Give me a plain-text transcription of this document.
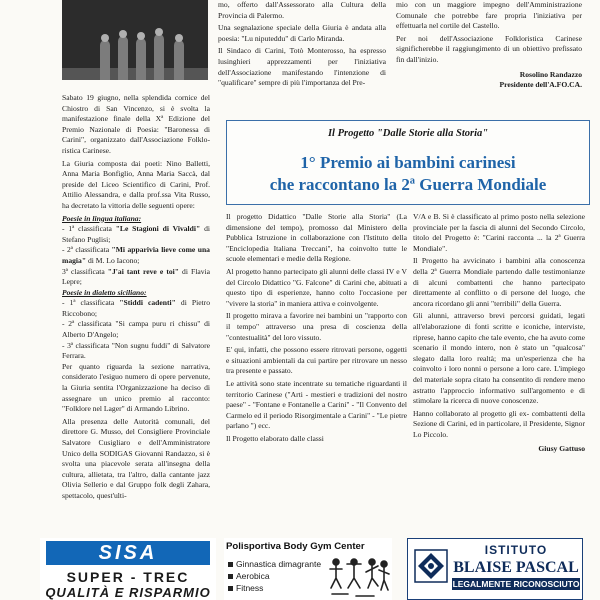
Sabato 19 giugno, nella splendida cornice del Chiostro di San Vincenzo, si è svolta la manifestazione finale della Xª Edizione del Premio Nazionale di Poesia: "Baronessa di Carini", organizzato dall'Associazione Folklo-ristica Carinese.

La Giuria composta dai poeti: Nino Balletti, Anna Maria Bonfiglio, Anna Maria Saccà, dal preside del Liceo Scientifico di Carini, Prof. Attilio Alessandra, e dalla prof.ssa Vita Russo, ha decretato la vittoria delle seguenti opere:

Poesie in lingua italiana:
- 1ª classificata "Le Stagioni di Vivaldi" di Stefano Puglisi;
- 2ª classificata "Mi apparivia lieve come una magia" di M. Lo Iacono;
3ª classificata "J'ai tant reve e toi" di Flavia Lepre;
Poesie in dialetto siciliano:
- 1ª classificata "Stiddi cadenti" di Pietro Riccobono;
- 2ª classificata "Si campa puru ri chissu" di Alberto D'Angelo;
- 3ª classificata "Non sugnu fuddi" di Salvatore Ferrara.

Per quanto riguarda la sezione narrativa, considerato l'esiguo numero di opere pervenute, la Giuria sentita l'Organizzazione ha deciso di assegnare un unico premio al racconto: "Folklore nel Lager" di Armando Librino.

Alla presenza delle Autorità comunali, del direttore G. Musso, del Consigliere Provinciale Salvatore Cusigliaro e dell'Amministratore Unico della SODIGAS Giovanni Randazzo, si è svolta una piacevole serata all'insegna della cultura, allietata, tra l'altro, dalla cantante jazz Olivia Sellerio e dal Gruppo folk degli Zahara, spettacolo, quest'ulti-

mo, offerto dall'Assessorato alla Cultura della Provincia di Palermo.

Una segnalazione speciale della Giuria è andata alla poesia: "Lu niputeddu" di Carlo Miranda.

Il Sindaco di Carini, Totò Monterosso, ha espresso lusinghieri apprezzamenti per l'iniziativa dell'Associazione manifestando l'intenzione di "qualificare" sempre di più l'importanza del Pre-

mio con un maggiore impegno dell'Amministrazione Comunale che potrebbe fare propria l'iniziativa per effettuarla nel cortile del Castello.

Per noi dell'Associazione Folkloristica Carinese significherebbe il raggiungimento di un obiettivo prefissato fin dall'inizio.

Rosolino Randazzo
Presidente dell'A.FO.CA.
Il Progetto "Dalle Storie alla Storia"
1° Premio ai bambini carinesi
che raccontano la 2ª Guerra Mondiale

Il progetto Didattico "Dalle Storie alla Storia" (La dimensione del tempo), promosso dal Ministero della Pubblica Istruzione in collaborazione con l'Istituto della "Enciclopedia Italiana Treccani", ha coinvolto tutte le scuole elementari e medie della Regione.

Al progetto hanno partecipato gli alunni delle classi IV e V del Circolo Didattico "G. Falcone" di Carini che, abituati a questo tipo di esperienze, hanno colto l'occasione per "vivere la storia" in maniera attiva e coinvolgente.

Il progetto mirava a favorire nei bambini un "rapporto con il tempo" attraverso una presa di coscienza della "contestualità" del loro vissuto.

E' qui, infatti, che possono essere ritrovati persone, oggetti e situazioni ambientali da cui partire per ritrovare un nesso tra presente e passato.

Le attività sono state incentrate su tematiche riguardanti il territorio Carinese ("Arti - mestieri e tradizioni del nostro paese" - "Fontane e Fontanelle a Carini" - "Il Convento del Carmelo ed il periodo Risorgimentale a Carini" - "Le pietre parlano ") ecc.

Il Progetto elaborato dalle classi

V/A e B. Si è classificato al primo posto nella selezione provinciale per la fascia di alunni del Secondo Circolo, titolo del Progetto è: "Carini racconta ... la 2ª Guerra Mondiale".

Il Progetto ha avvicinato i bambini alla conoscenza della 2ª Guerra Mondiale partendo dalle testimonianze di alcuni combattenti che hanno partecipato direttamente al conflitto o di persone del luogo, che ancora ricordano gli anni "terribili" della Guerra.

Gli alunni, attraverso brevi percorsi guidati, legati all'elaborazione di fonti scritte e iconiche, interviste, riprese, hanno capito che tale evento, che ha avuto come scenario il mondo intero, non è stato un "qualcosa" slegato dalla loro realtà; ma un'esperienza che ha coinvolto i loro nonni o persone a loro care. L'impiego del materiale sopra citato ha consentito di rendere meno astratto l'approccio informativo sull'argomento e di stimolare la ricerca di nuove conoscenze.

Hanno collaborato al progetto gli ex- combattenti della Sezione di Carini, ed in particolare, il Presidente, Signor Lo Piccolo.

Giusy Gattuso
SISA
SUPER - TREC
QUALITÀ E RISPARMIO
Polisportiva Body Gym Center
Ginnastica dimagrante
Aerobica
Fitness
ISTITUTO
BLAISE PASCAL
LEGALMENTE RICONOSCIUTO
